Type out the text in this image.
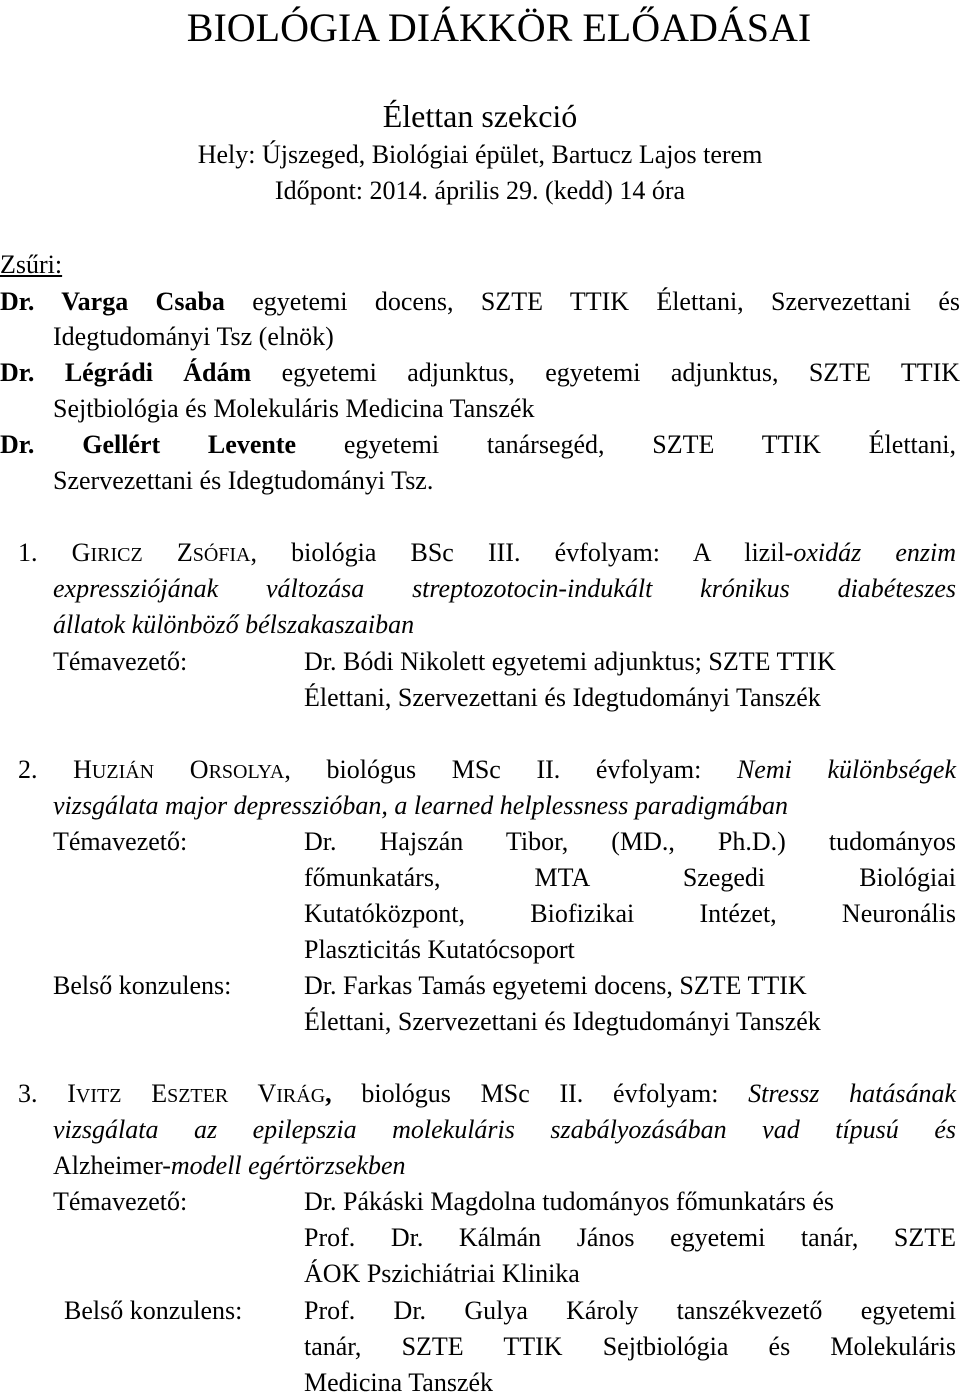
BIOLÓGIA DIÁKKÖR ELŐADÁSAI
Élettan szekció
Hely: Újszeged, Biológiai épület, Bartucz Lajos terem
Időpont: 2014. április 29. (kedd) 14 óra
Zsűri:
Dr. Varga Csaba egyetemi docens, SZTE TTIK Élettani, Szervezettani és
Idegtudományi Tsz (elnök)
Dr. Légrádi Ádám egyetemi adjunktus, egyetemi adjunktus, SZTE TTIK
Sejtbiológia és Molekuláris Medicina Tanszék
Dr. Gellért Levente egyetemi tanársegéd, SZTE TTIK Élettani,
Szervezettani és Idegtudományi Tsz.
1. GIRICZ ZSÓFIA, biológia BSc III. évfolyam: A lizil-oxidáz enzim
expressziójának változása streptozotocin-indukált krónikus diabéteszes
állatok különböző bélszakaszaiban
Témavezető:	Dr. Bódi Nikolett egyetemi adjunktus; SZTE TTIK
Élettani, Szervezettani és Idegtudományi Tanszék
2. HUZIÁN ORSOLYA, biológus MSc II. évfolyam: Nemi különbségek
vizsgálata major depresszióban, a learned helplessness paradigmában
Témavezető:	Dr. Hajszán Tibor, (MD., Ph.D.) tudományos
főmunkatárs, MTA Szegedi Biológiai
Kutatóközpont, Biofizikai Intézet, Neuronális
Plaszticitás Kutatócsoport
Belső konzulens:	Dr. Farkas Tamás egyetemi docens, SZTE TTIK
Élettani, Szervezettani és Idegtudományi Tanszék
3. IVITZ ESZTER VIRÁG, biológus MSc II. évfolyam: Stressz hatásának
vizsgálata az epilepszia molekuláris szabályozásában vad típusú és
Alzheimer-modell egértörzsekben
Témavezető:	Dr. Pákáski Magdolna tudományos főmunkatárs és
Prof. Dr. Kálmán János egyetemi tanár, SZTE
ÁOK Pszichiátriai Klinika
Belső konzulens: Prof. Dr. Gulya Károly tanszékvezető egyetemi
tanár, SZTE TTIK Sejtbiológia és Molekuláris
Medicina Tanszék
